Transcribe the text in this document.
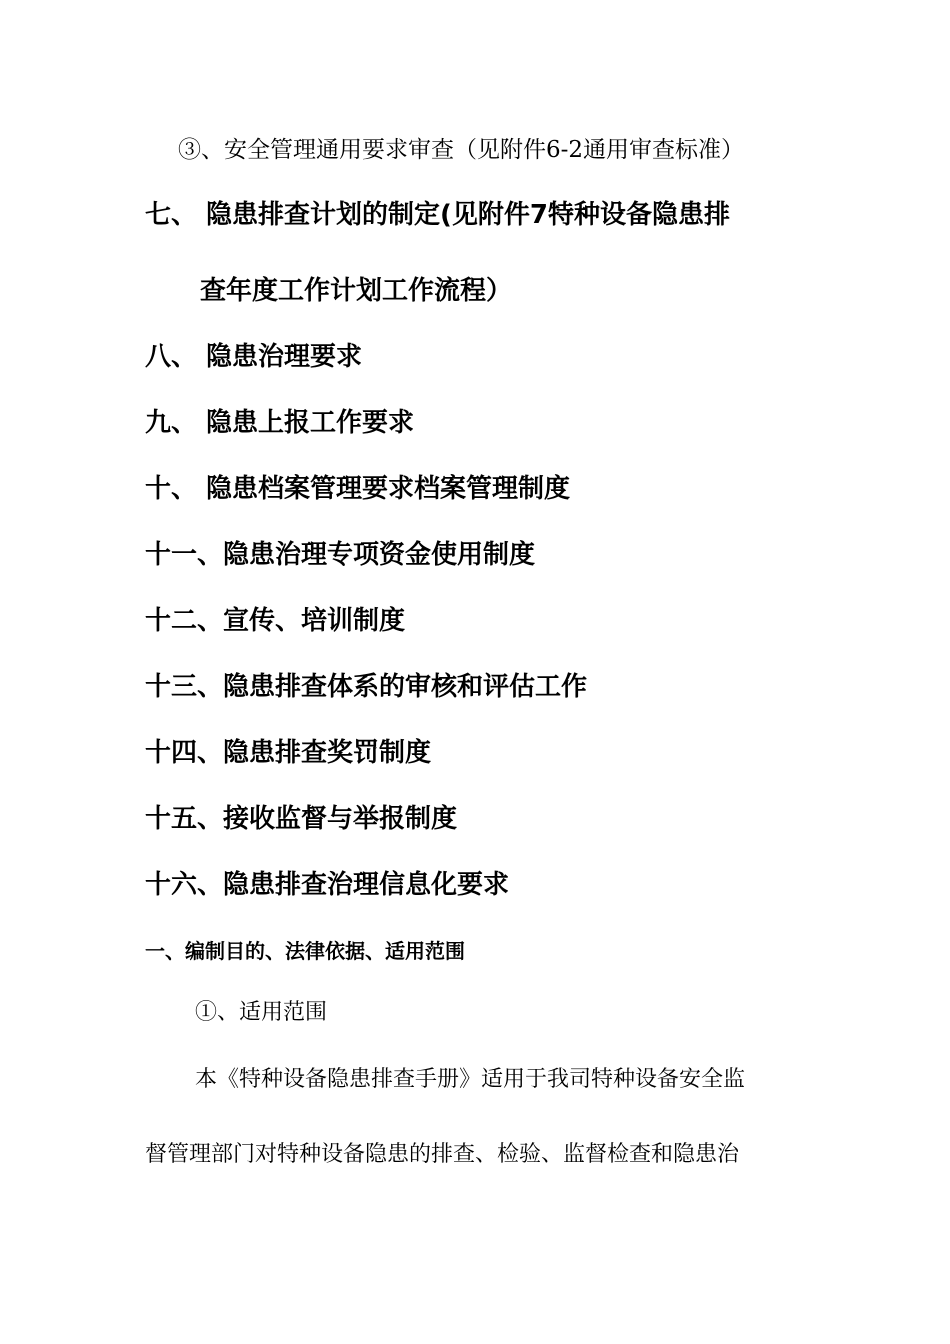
③、安全管理通用要求审查（见附件6-2通用审查标准）
七、 隐患排查计划的制定(见附件7特种设备隐患排
查年度工作计划工作流程）
八、 隐患治理要求
九、 隐患上报工作要求
十、 隐患档案管理要求档案管理制度
十一、隐患治理专项资金使用制度
十二、宣传、培训制度
十三、隐患排查体系的审核和评估工作
十四、隐患排查奖罚制度
十五、接收监督与举报制度
十六、隐患排查治理信息化要求
一、编制目的、法律依据、适用范围
①、适用范围
本《特种设备隐患排查手册》适用于我司特种设备安全监
督管理部门对特种设备隐患的排查、检验、监督检查和隐患治
